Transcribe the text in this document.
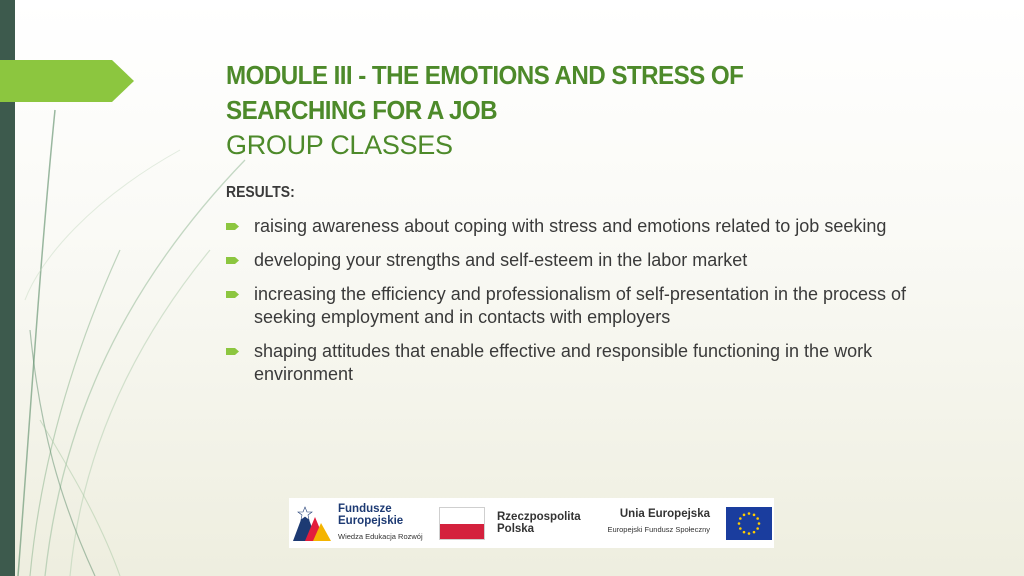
MODULE III - THE EMOTIONS AND STRESS OF
SEARCHING FOR A JOB
GROUP CLASSES
RESULTS:
raising awareness about coping with stress and emotions related to job seeking
developing your strengths and self-esteem in the labor market
increasing the efficiency and professionalism of self-presentation in the process of seeking employment and in contacts with employers
shaping attitudes that enable effective and responsible functioning in the work environment
Fundusze
Europejskie
Wiedza Edukacja Rozwój
Rzeczpospolita
Polska
Unia Europejska
Europejski Fundusz Społeczny
